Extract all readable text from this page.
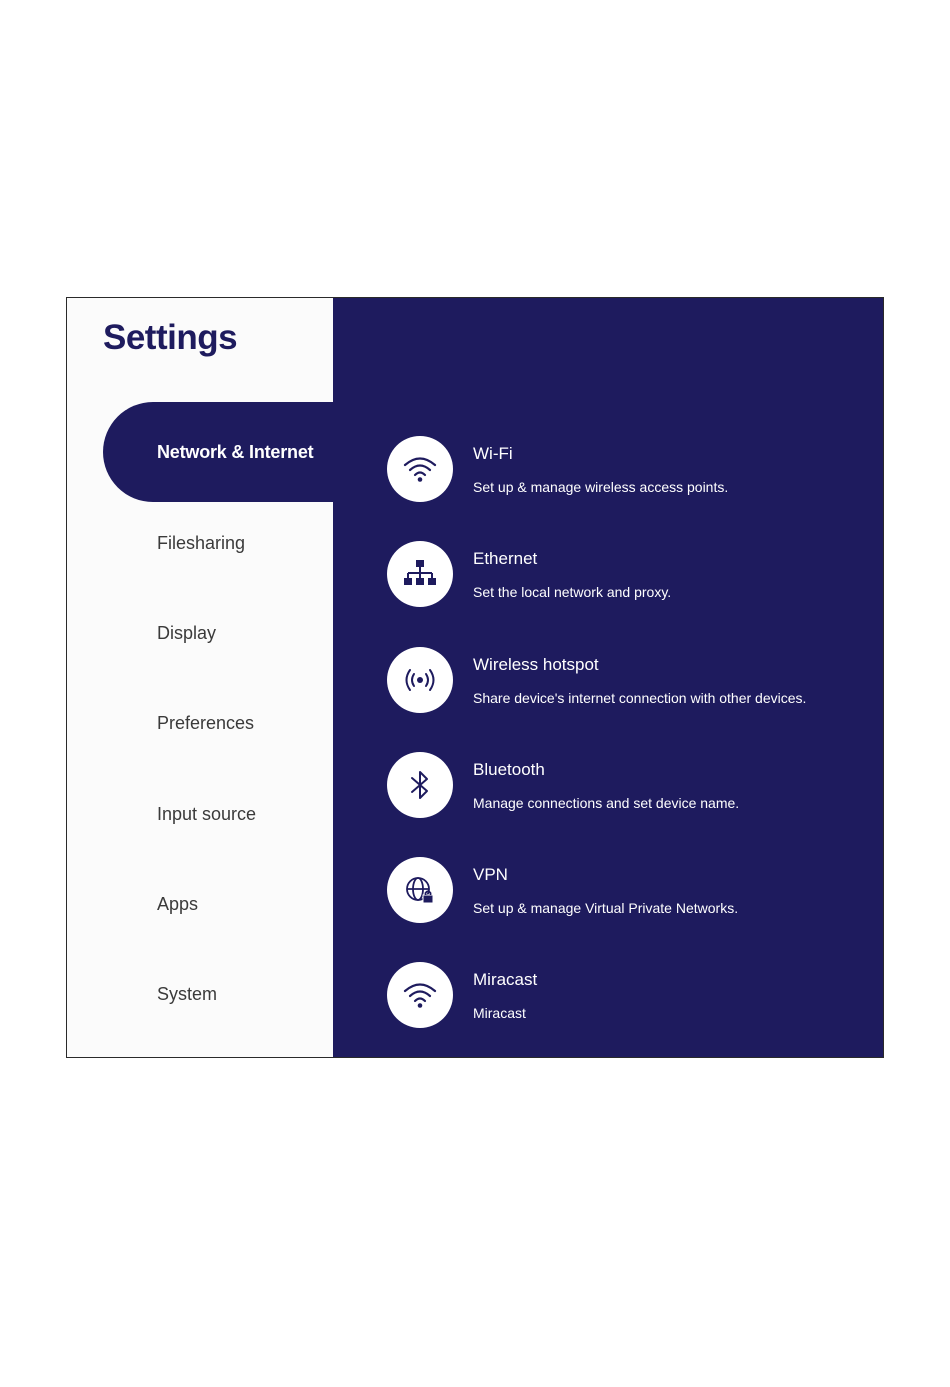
Settings
Network & Internet
Filesharing
Display
Preferences
Input source
Apps
System
Wi-Fi
Set up & manage wireless access points.
Ethernet
Set the local network and proxy.
Wireless hotspot
Share device's internet connection with other devices.
Bluetooth
Manage connections and set device name.
VPN
Set up & manage Virtual Private Networks.
Miracast
Miracast
